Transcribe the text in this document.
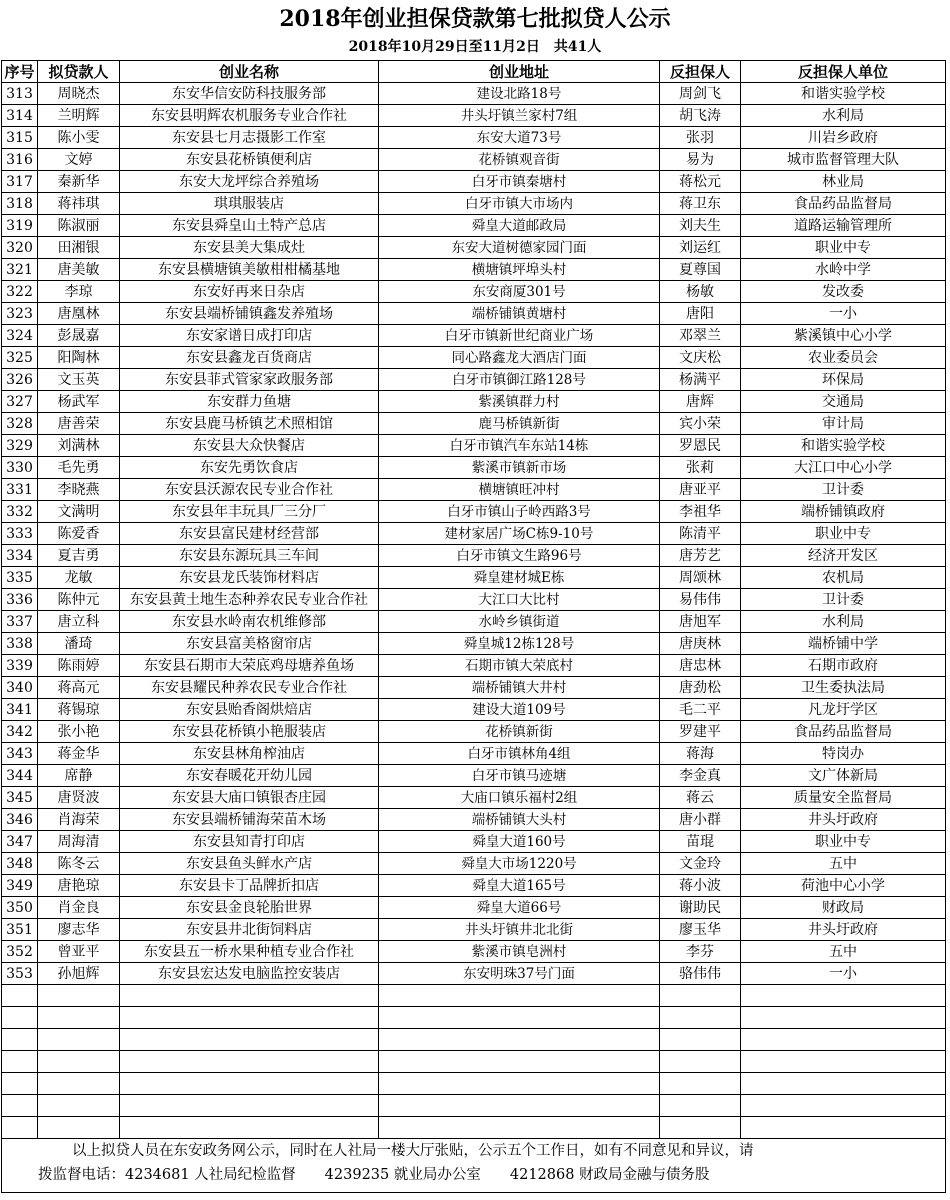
2018年创业担保贷款第七批拟贷人公示
2018年10月29日至11月2日　共41人
序号	拟贷款人	创业名称	创业地址	反担保人	反担保人单位
313	周晓杰	东安华信安防科技服务部	建设北路18号	周剑飞	和谐实验学校
314	兰明辉	东安县明辉农机服务专业合作社	井头圩镇兰家村7组	胡飞涛	水利局
315	陈小雯	东安县七月志摄影工作室	东安大道73号	张羽	川岩乡政府
316	文婷	东安县花桥镇便利店	花桥镇观音街	易为	城市监督管理大队
317	秦新华	东安大龙坪综合养殖场	白牙市镇秦塘村	蒋松元	林业局
318	蒋祎琪	琪琪服装店	白牙市镇大市场内	蒋卫东	食品药品监督局
319	陈淑丽	东安县舜皇山土特产总店	舜皇大道邮政局	刘夫生	道路运输管理所
320	田湘银	东安县美大集成灶	东安大道树德家园门面	刘运红	职业中专
321	唐美敏	东安县横塘镇美敏柑柑橘基地	横塘镇坪埠头村	夏尊国	水岭中学
322	李琼	东安好再来日杂店	东安商厦301号	杨敏	发改委
323	唐凰林	东安县端桥铺镇鑫发养殖场	端桥铺镇黄塘村	唐阳	一小
324	彭晟嘉	东安家谱日成打印店	白牙市镇新世纪商业广场	邓翠兰	紫溪镇中心小学
325	阳陶林	东安县鑫龙百货商店	同心路鑫龙大酒店门面	文庆松	农业委员会
326	文玉英	东安县菲式管家家政服务部	白牙市镇御江路128号	杨满平	环保局
327	杨武军	东安群力鱼塘	紫溪镇群力村	唐辉	交通局
328	唐善荣	东安县鹿马桥镇艺术照相馆	鹿马桥镇新街	宾小荣	审计局
329	刘满林	东安县大众快餐店	白牙市镇汽车东站14栋	罗恩民	和谐实验学校
330	毛先勇	东安先勇饮食店	紫溪市镇新市场	张莉	大江口中心小学
331	李晓燕	东安县沃源农民专业合作社	横塘镇旺冲村	唐亚平	卫计委
332	文满明	东安县年丰玩具厂三分厂	白牙市镇山子岭西路3号	李祖华	端桥铺镇政府
333	陈爱香	东安县富民建材经营部	建材家居广场C栋9-10号	陈清平	职业中专
334	夏吉勇	东安县东源玩具三车间	白牙市镇文生路96号	唐芳艺	经济开发区
335	龙敏	东安县龙氏装饰材料店	舜皇建材城E栋	周颂林	农机局
336	陈仲元	东安县黄土地生态种养农民专业合作社	大江口大比村	易伟伟	卫计委
337	唐立科	东安县水岭南农机维修部	水岭乡镇街道	唐旭军	水利局
338	潘琦	东安县富美格窗帘店	舜皇城12栋128号	唐庚林	端桥铺中学
339	陈雨婷	东安县石期市大荣底鸡母塘养鱼场	石期市镇大荣底村	唐忠林	石期市政府
340	蒋高元	东安县耀民种养农民专业合作社	端桥铺镇大井村	唐劲松	卫生委执法局
341	蒋锡琼	东安县贻香阁烘焙店	建设大道109号	毛二平	凡龙圩学区
342	张小艳	东安县花桥镇小艳服装店	花桥镇新街	罗建平	食品药品监督局
343	蒋金华	东安县林角榨油店	白牙市镇林角4组	蒋海	特岗办
344	席静	东安春暖花开幼儿园	白牙市镇马迹塘	李金真	文广体新局
345	唐贤波	东安县大庙口镇银杏庄园	大庙口镇乐福村2组	蒋云	质量安全监督局
346	肖海荣	东安县端桥铺海荣苗木场	端桥铺镇大头村	唐小群	井头圩政府
347	周海清	东安县知青打印店	舜皇大道160号	苗琨	职业中专
348	陈冬云	东安县鱼头鲜水产店	舜皇大市场1220号	文金玲	五中
349	唐艳琼	东安县卡丁品牌折扣店	舜皇大道165号	蒋小波	荷池中心小学
350	肖金良	东安县金良轮胎世界	舜皇大道66号	谢助民	财政局
351	廖志华	东安县井北街饲料店	井头圩镇井北北街	廖玉华	井头圩政府
352	曾亚平	东安县五一桥水果种植专业合作社	紫溪市镇皂洲村	李芬	五中
353	孙旭辉	东安县宏达发电脑监控安装店	东安明珠37号门面	骆伟伟	一小

以上拟贷人员在东安政务网公示，同时在人社局一楼大厅张贴，公示五个工作日，如有不同意见和异议，请
拨监督电话：4234681 人社局纪检监督　　4239235 就业局办公室　　4212868 财政局金融与债务股
